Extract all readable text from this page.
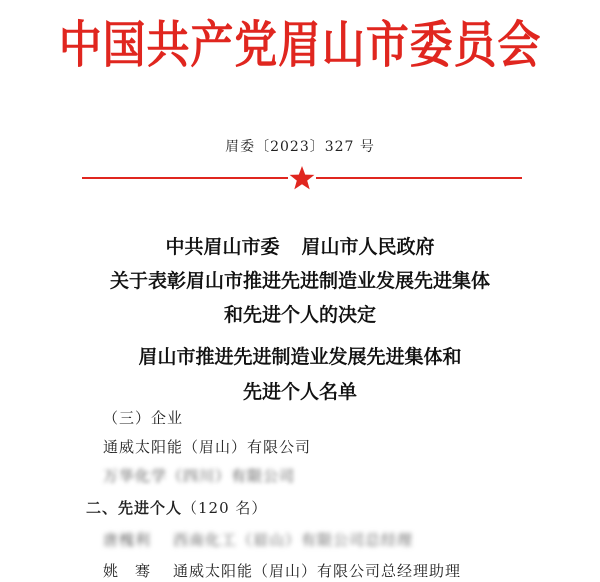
中国共产党眉山市委员会
眉委〔2023〕327 号
中共眉山市委 眉山市人民政府
关于表彰眉山市推进先进制造业发展先进集体
和先进个人的决定
眉山市推进先进制造业发展先进集体和
先进个人名单
（三）企业
通威太阳能（眉山）有限公司
万华化学（四川）有限公司
二、先进个人（120 名）
唐槐利 西南化工（眉山）有限公司总经理
姚　骞 通威太阳能（眉山）有限公司总经理助理
